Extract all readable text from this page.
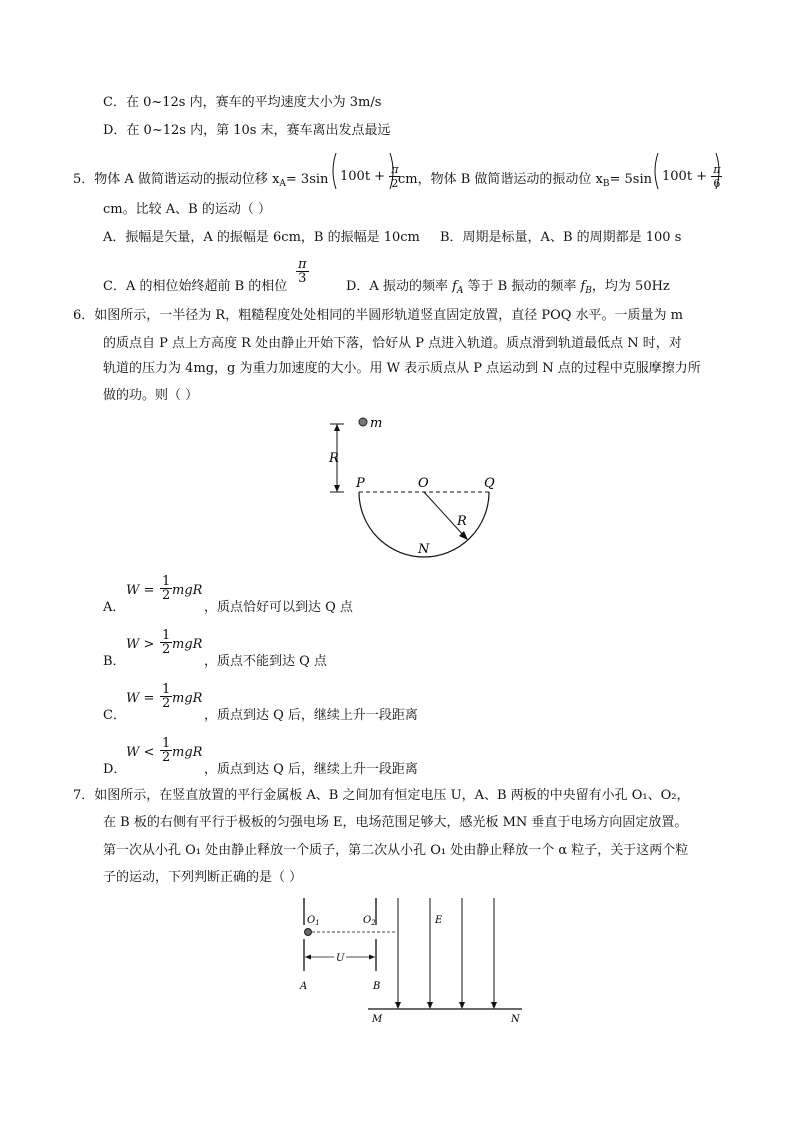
C．在 0~12s 内，赛车的平均速度大小为 3m/s
D．在 0~12s 内，第 10s 末，赛车离出发点最远
5．物体 A 做简谐运动的振动位移 $x_A= 3\sin$ $100t + \frac{\pi}{2}$
cm，物体 B 做简谐运动的振动位 $x_B= 5\sin$ $100t + \frac{\pi}{6}$
cm。比较 A、B 的运动（ ）
A．振幅是矢量，A 的振幅是 6cm，B 的振幅是 10cm B．周期是标量，A、B 的周期都是 100 s
C．A 的相位始终超前 B 的相位
$\frac{\pi}{3}$
D．A 振动的频率 $f_A$ 等于 B 振动的频率 $f_B$，均为 50Hz
6．如图所示，一半径为 R，粗糙程度处处相同的半圆形轨道竖直固定放置，直径 POQ 水平。一质量为 m
的质点自 P 点上方高度 R 处由静止开始下落，恰好从 P 点进入轨道。质点滑到轨道最低点 N 时，对
轨道的压力为 4mg，g 为重力加速度的大小。用 W 表示质点从 P 点运动到 N 点的过程中克服摩擦力所
做的功。则（ ）
m
R
P	O	Q
R
N
A．
$W = \frac{1}{2}$ mgR
，质点恰好可以到达 Q 点
B．
$W > \frac{1}{2}$ mgR
，质点不能到达 Q 点
C．
$W = \frac{1}{2}$ mgR
，质点到达 Q 后，继续上升一段距离
D．
$W < \frac{1}{2}$ mgR
，质点到达 Q 后，继续上升一段距离
7．如图所示，在竖直放置的平行金属板 A、B 之间加有恒定电压 U，A、B 两板的中央留有小孔 O₁、O₂，
在 B 板的右侧有平行于极板的匀强电场 E，电场范围足够大，感光板 MN 垂直于电场方向固定放置。
第一次从小孔 O₁ 处由静止释放一个质子，第二次从小孔 O₁ 处由静止释放一个 α 粒子，关于这两个粒
子的运动，下列判断正确的是（ ）
$O_1$	$O_2$
U
A	B
E
M	N
